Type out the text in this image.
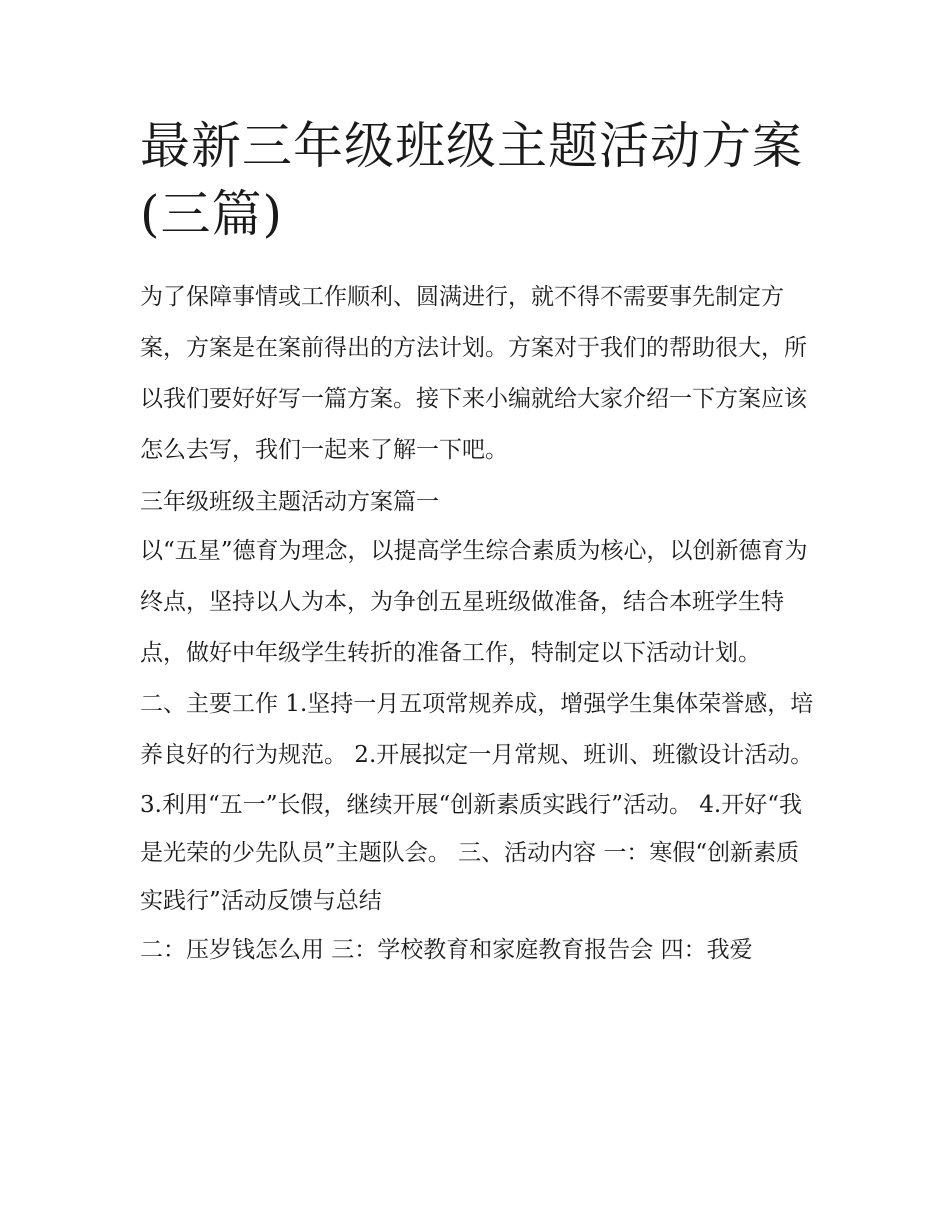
最新三年级班级主题活动方案(三篇)

为了保障事情或工作顺利、圆满进行，就不得不需要事先制定方案，方案是在案前得出的方法计划。方案对于我们的帮助很大，所以我们要好好写一篇方案。接下来小编就给大家介绍一下方案应该怎么去写，我们一起来了解一下吧。

三年级班级主题活动方案篇一

以“五星”德育为理念，以提高学生综合素质为核心，以创新德育为终点，坚持以人为本，为争创五星班级做准备，结合本班学生特点，做好中年级学生转折的准备工作，特制定以下活动计划。

二、主要工作 1.坚持一月五项常规养成，增强学生集体荣誉感，培养良好的行为规范。 2.开展拟定一月常规、班训、班徽设计活动。

3.利用“五一”长假，继续开展“创新素质实践行”活动。 4.开好“我是光荣的少先队员”主题队会。 三、活动内容 一：寒假“创新素质实践行”活动反馈与总结

二：压岁钱怎么用 三：学校教育和家庭教育报告会 四：我爱
